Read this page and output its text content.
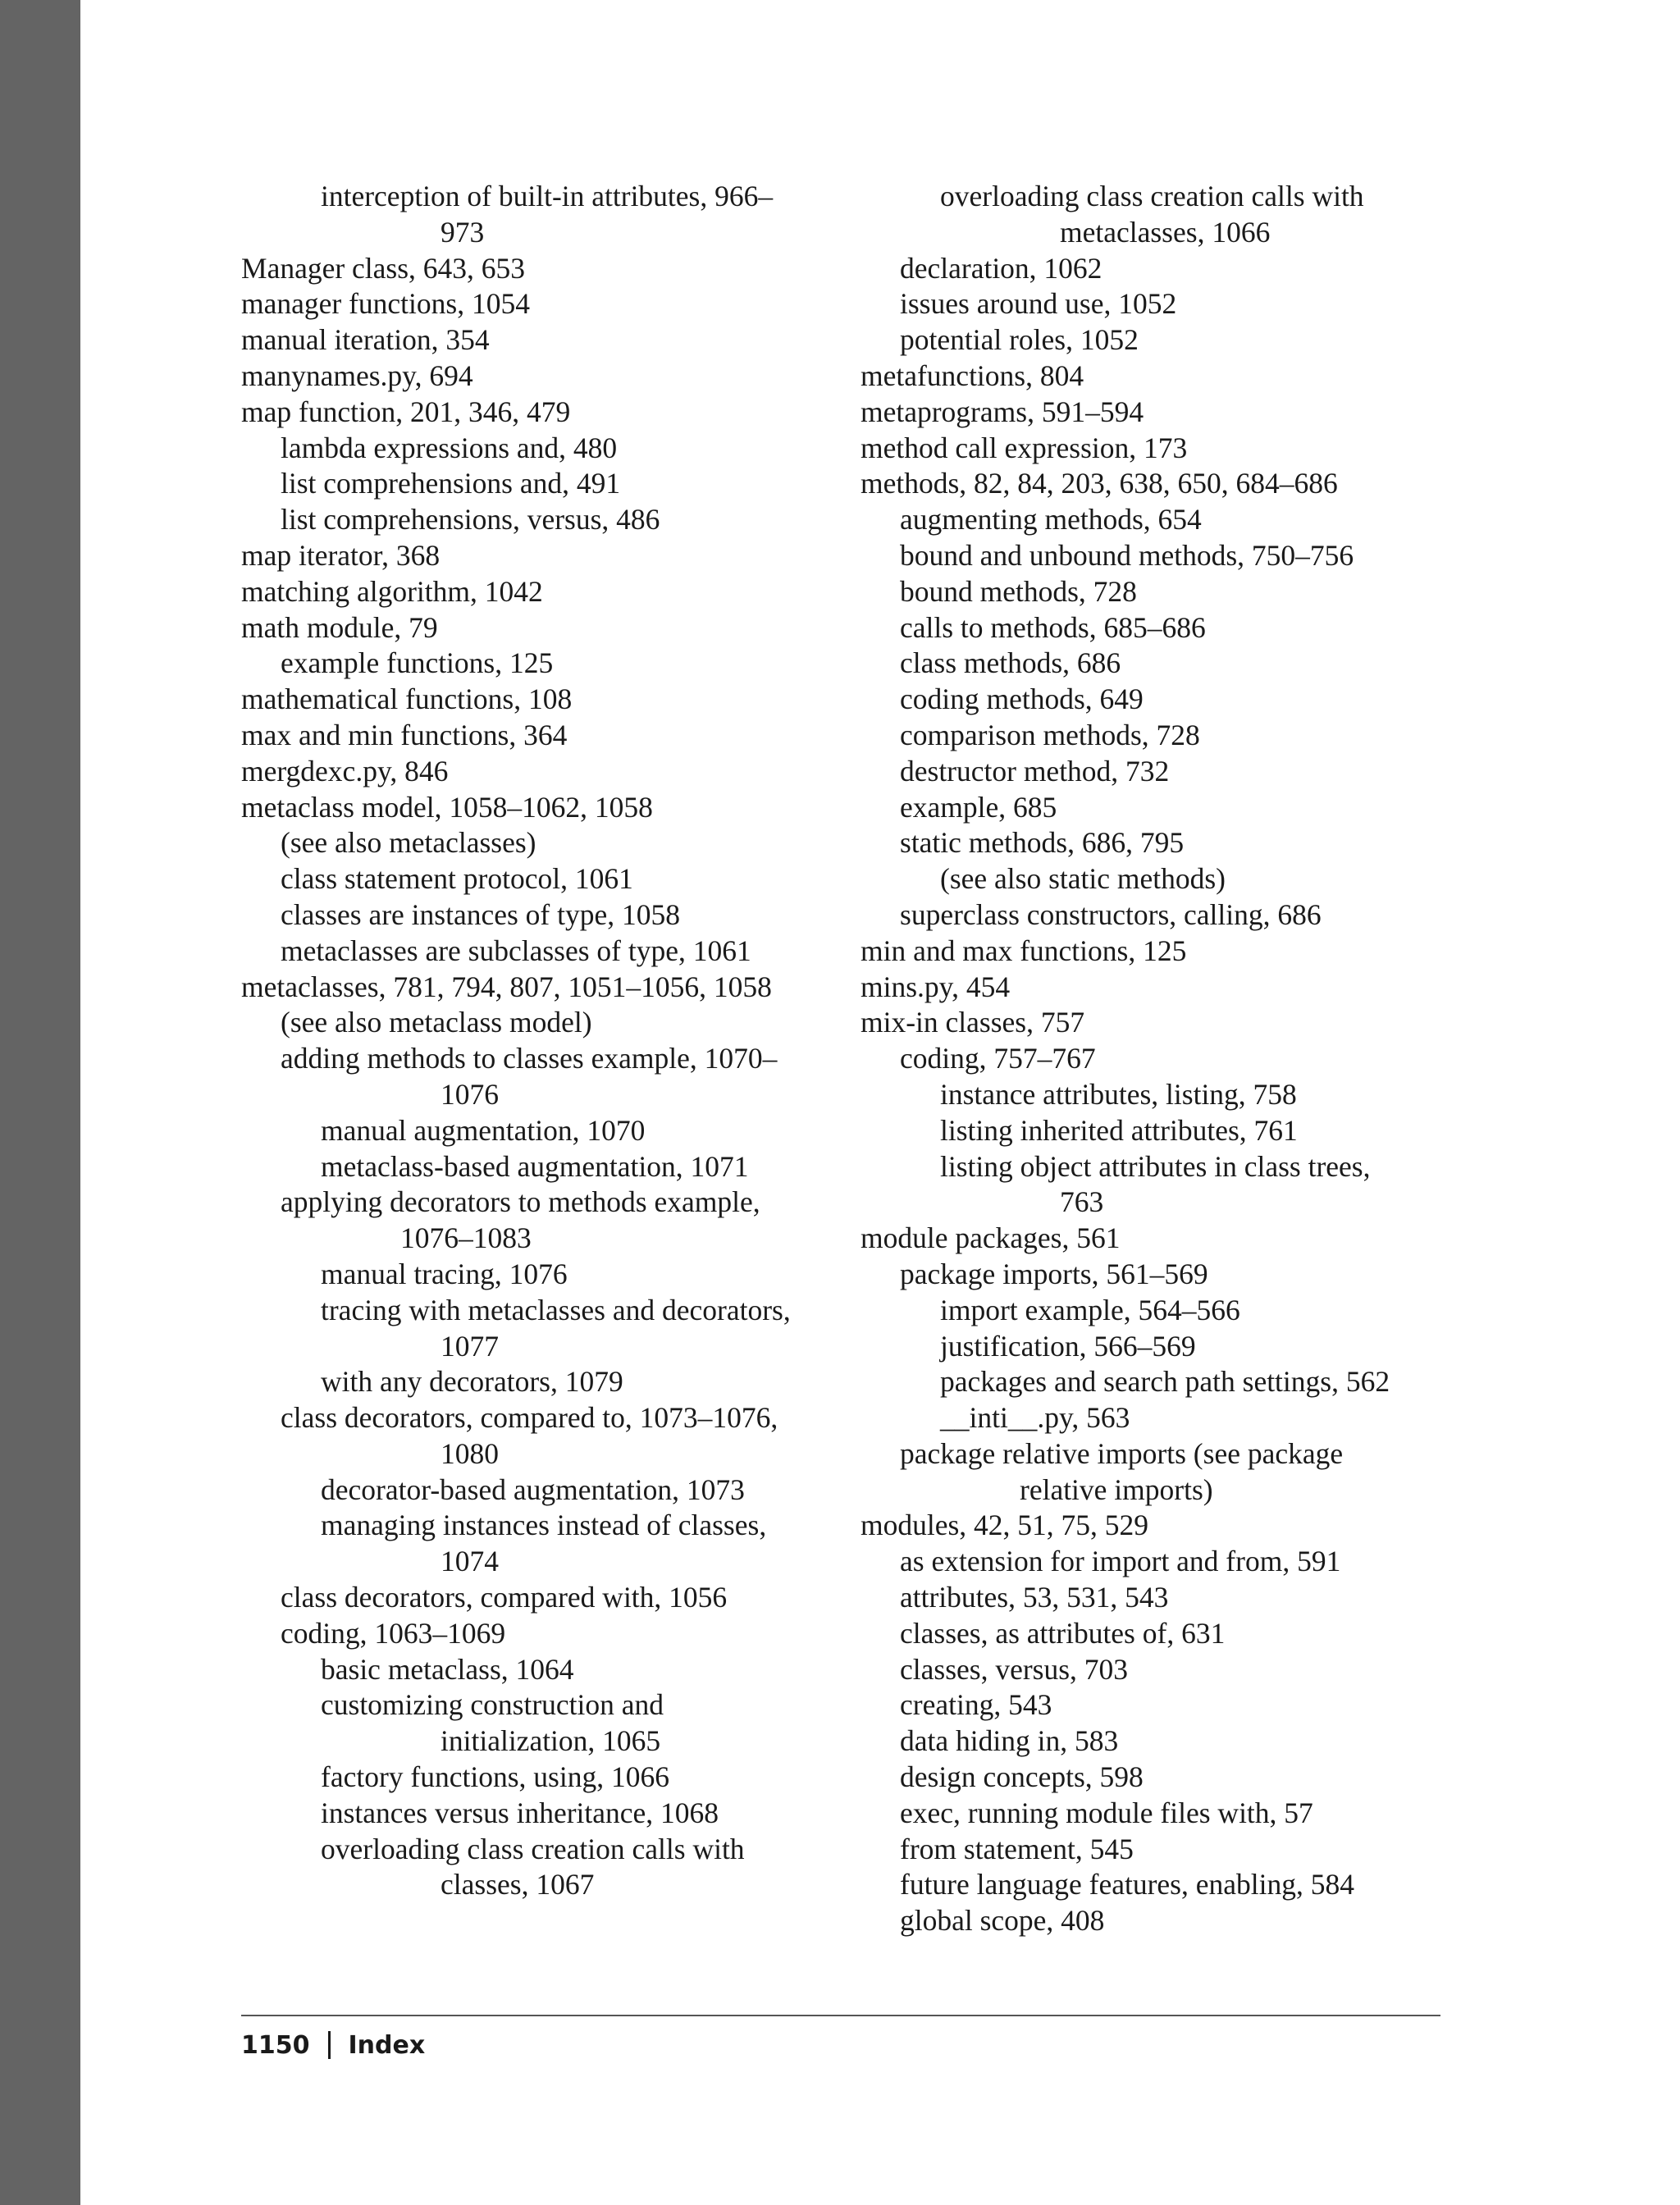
interception of built-in attributes, 966–
973
Manager class, 643, 653
manager functions, 1054
manual iteration, 354
manynames.py, 694
map function, 201, 346, 479
lambda expressions and, 480
list comprehensions and, 491
list comprehensions, versus, 486
map iterator, 368
matching algorithm, 1042
math module, 79
example functions, 125
mathematical functions, 108
max and min functions, 364
mergdexc.py, 846
metaclass model, 1058–1062, 1058
(see also metaclasses)
class statement protocol, 1061
classes are instances of type, 1058
metaclasses are subclasses of type, 1061
metaclasses, 781, 794, 807, 1051–1056, 1058
(see also metaclass model)
adding methods to classes example, 1070–
1076
manual augmentation, 1070
metaclass-based augmentation, 1071
applying decorators to methods example,
1076–1083
manual tracing, 1076
tracing with metaclasses and decorators,
1077
with any decorators, 1079
class decorators, compared to, 1073–1076,
1080
decorator-based augmentation, 1073
managing instances instead of classes,
1074
class decorators, compared with, 1056
coding, 1063–1069
basic metaclass, 1064
customizing construction and
initialization, 1065
factory functions, using, 1066
instances versus inheritance, 1068
overloading class creation calls with
classes, 1067
overloading class creation calls with
metaclasses, 1066
declaration, 1062
issues around use, 1052
potential roles, 1052
metafunctions, 804
metaprograms, 591–594
method call expression, 173
methods, 82, 84, 203, 638, 650, 684–686
augmenting methods, 654
bound and unbound methods, 750–756
bound methods, 728
calls to methods, 685–686
class methods, 686
coding methods, 649
comparison methods, 728
destructor method, 732
example, 685
static methods, 686, 795
(see also static methods)
superclass constructors, calling, 686
min and max functions, 125
mins.py, 454
mix-in classes, 757
coding, 757–767
instance attributes, listing, 758
listing inherited attributes, 761
listing object attributes in class trees,
763
module packages, 561
package imports, 561–569
import example, 564–566
justification, 566–569
packages and search path settings, 562
__inti__.py, 563
package relative imports (see package
relative imports)
modules, 42, 51, 75, 529
as extension for import and from, 591
attributes, 53, 531, 543
classes, as attributes of, 631
classes, versus, 703
creating, 543
data hiding in, 583
design concepts, 598
exec, running module files with, 57
from statement, 545
future language features, enabling, 584
global scope, 408
1150 Index
